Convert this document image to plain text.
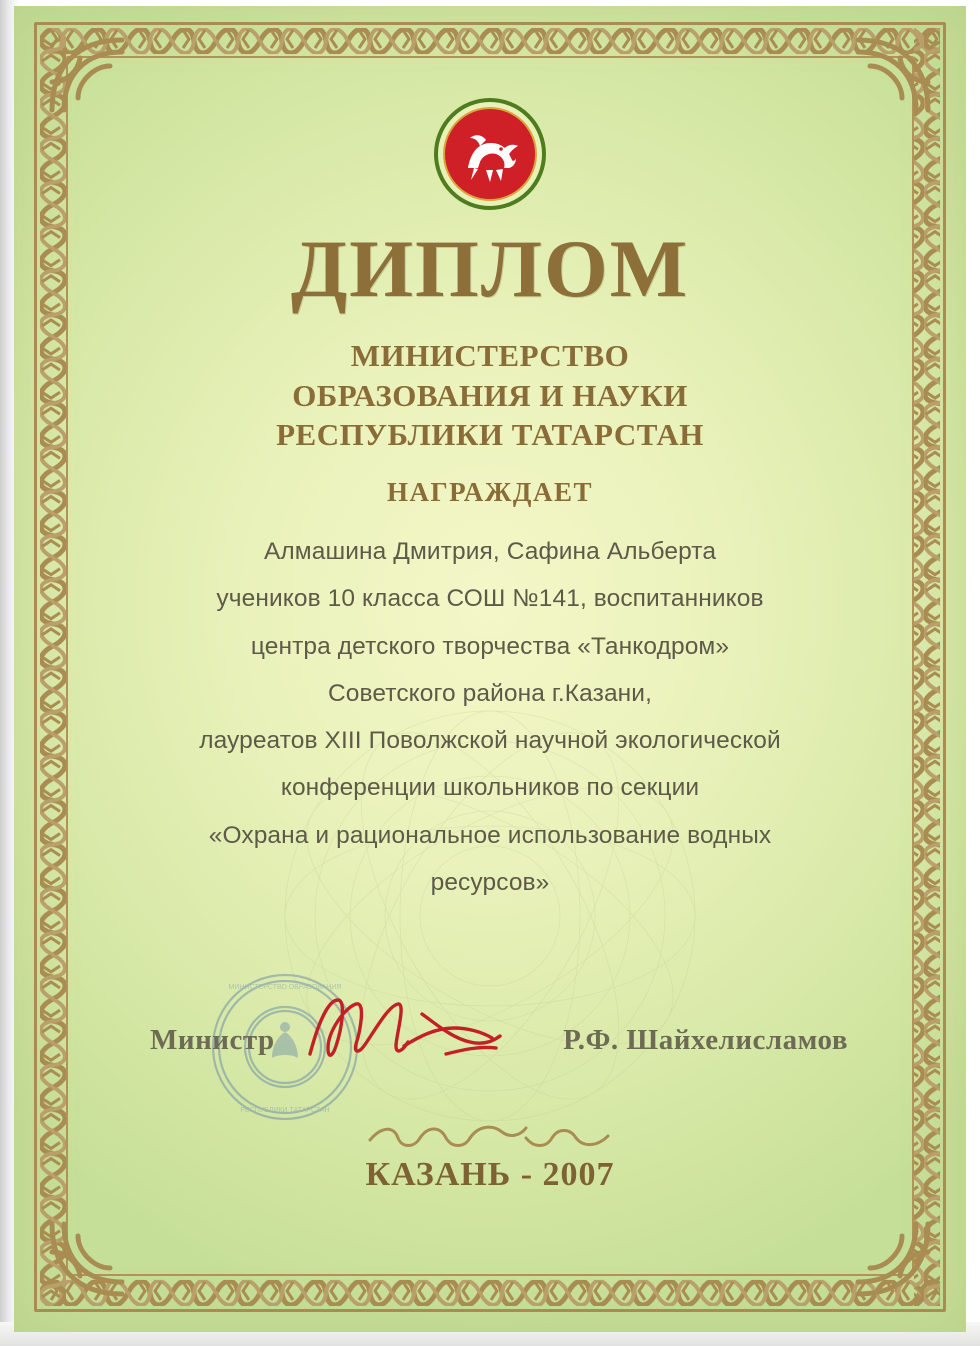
ДИПЛОМ
МИНИСТЕРСТВО
ОБРАЗОВАНИЯ И НАУКИ
РЕСПУБЛИКИ ТАТАРСТАН
НАГРАЖДАЕТ
Алмашина Дмитрия, Сафина Альберта
учеников 10 класса СОШ №141, воспитанников
центра детского творчества «Танкодром»
Советского района г.Казани,
лауреатов XIII Поволжской научной экологической
конференции школьников по секции
«Охрана и рациональное использование водных
ресурсов»
МИНИСТЕРСТВО ОБРАЗОВАНИЯ
РЕСПУБЛИКИ ТАТАРСТАН
Министр	Р.Ф. Шайхелисламов
КАЗАНЬ - 2007
